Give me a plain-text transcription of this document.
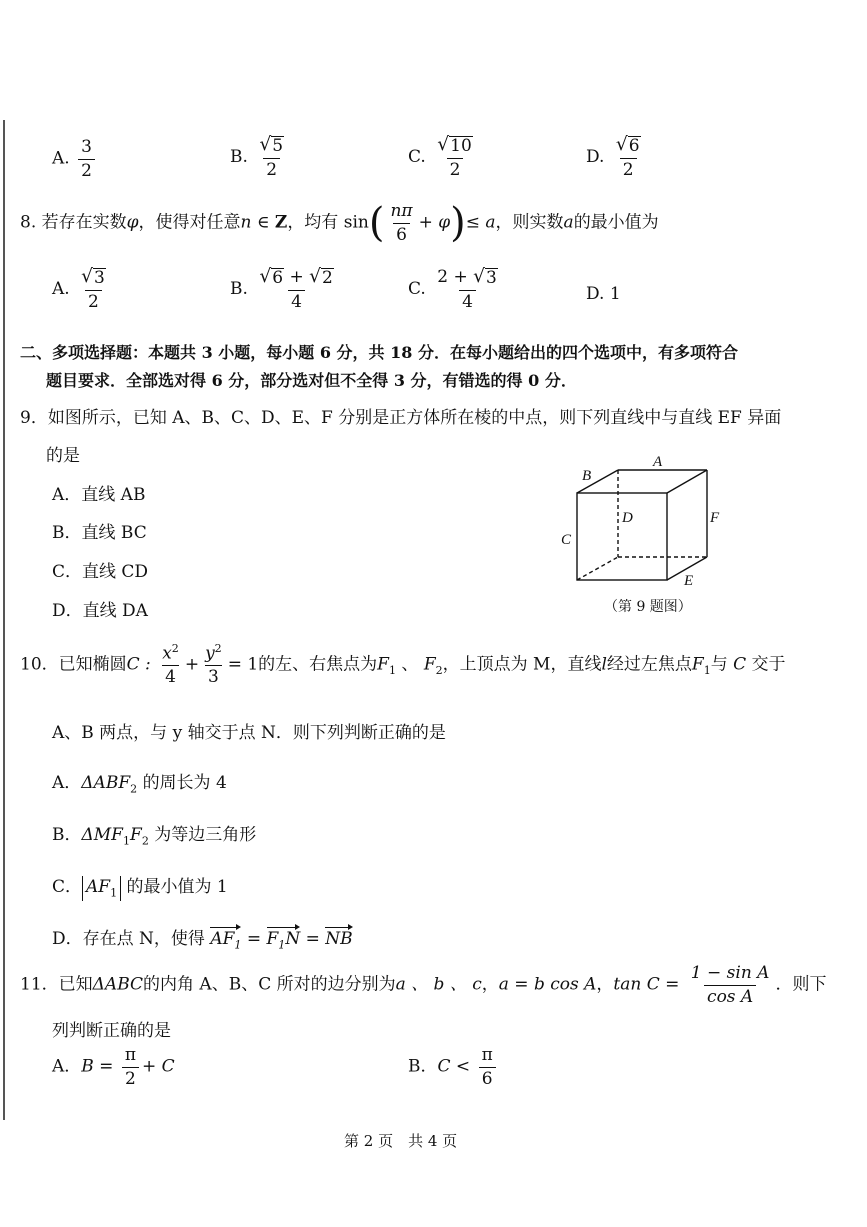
A. $\frac{3}{2}$	B. $\frac{√ 5}{2}$	C. $\frac{√ 10}{2}$	D. $\frac{√ 6}{2}$
8. 若存在实数φ，使得对任意n ∈ Z，均有 $\sin( \frac{n\pi}{6} + \varphi)\le a$，则实数a的最小值为
A. $\frac{√ 3}{2}$	B. $\frac{√ 6 + √ 2}{4}$	C. $\frac{2 + √ 3}{4}$	D. 1
二、多项选择题：本题共 3 小题，每小题 6 分，共 18 分．在每小题给出的四个选项中，有多项符合
题目要求．全部选对得 6 分，部分选对但不全得 3 分，有错选的得 0 分．
9．如图所示，已知 A、B、C、D、E、F 分别是正方体所在棱的中点，则下列直线中与直线 EF 异面
的是
A．直线 AB
B．直线 BC
C．直线 CD
D．直线 DA
B
A
D	F
C
E
（第 9 题图）
10．已知椭圆C : $\frac{x^2}{4} + \frac{y^2}{3} = 1$的左、右焦点为$F_1$ 、 $F_2$，上顶点为 M，直线l经过左焦点$F_1$与 C 交于
A、B 两点，与 y 轴交于点 N．则下列判断正确的是
A．$\Delta ABF_2$ 的周长为 4
B．$\Delta MF_1F_2$ 为等边三角形
C． $AF_1$ 的最小值为 1
D．存在点 N，使得 $AF_1 = F_1N$ = NB
11．已知ΔABC的内角 A、B、C 所对的边分别为a 、 b 、 c，a = b cos A，$\tan C = \frac{\text{1 − sin A}}{\text{cos A}}$ ．则下
列判断正确的是
A．$B = \frac{\pi}{2} + C$	B．$C < \frac{\pi}{6}$
第 2 页　共 4 页
